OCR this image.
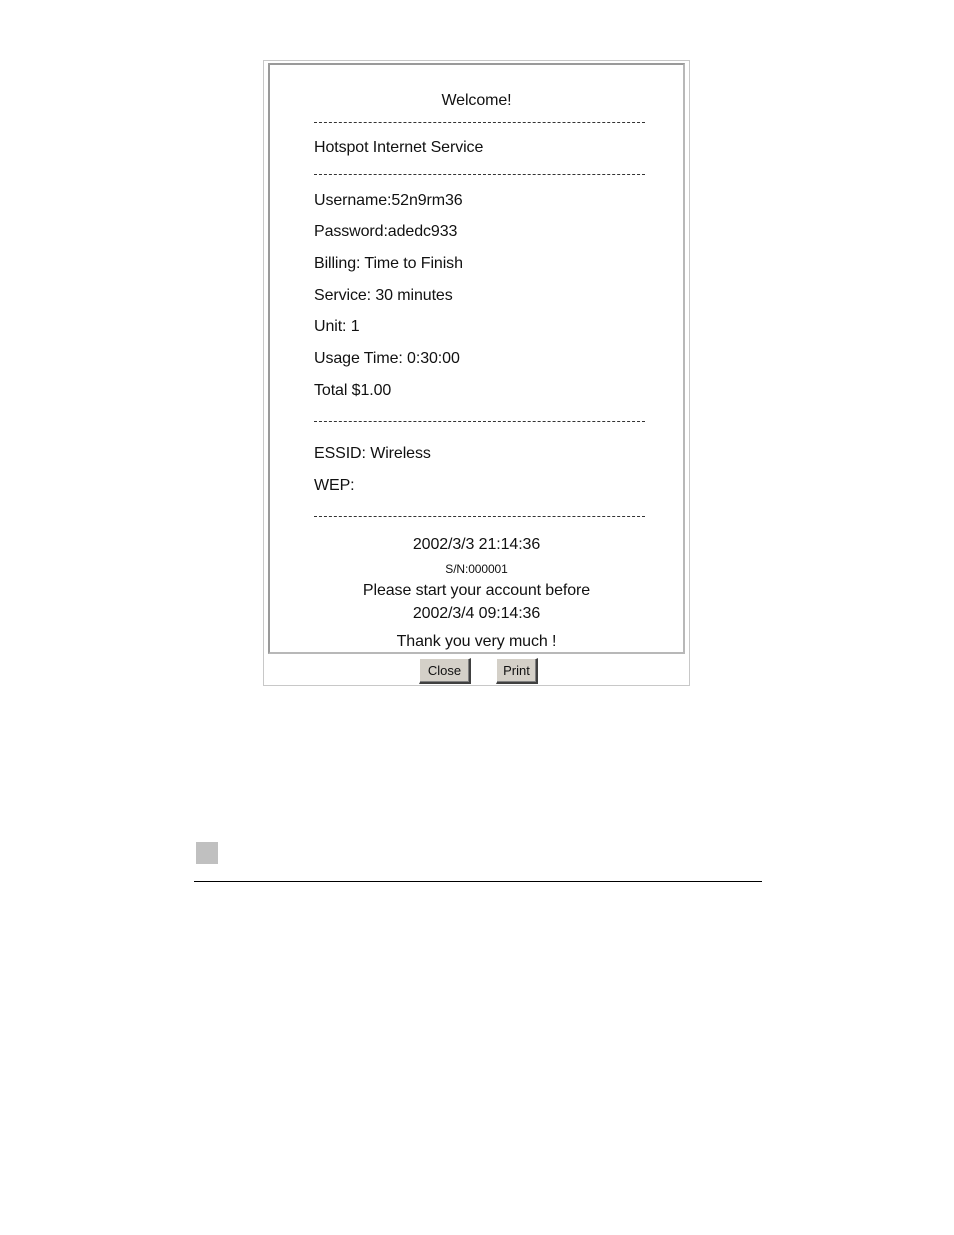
Welcome!
Hotspot Internet Service
Username:52n9rm36
Password:adedc933
Billing: Time to Finish
Service: 30 minutes
Unit: 1
Usage Time: 0:30:00
Total $1.00
ESSID: Wireless
WEP:
2002/3/3 21:14:36
S/N:000001
Please start your account before
2002/3/4 09:14:36
Thank you very much !
Close	Print
